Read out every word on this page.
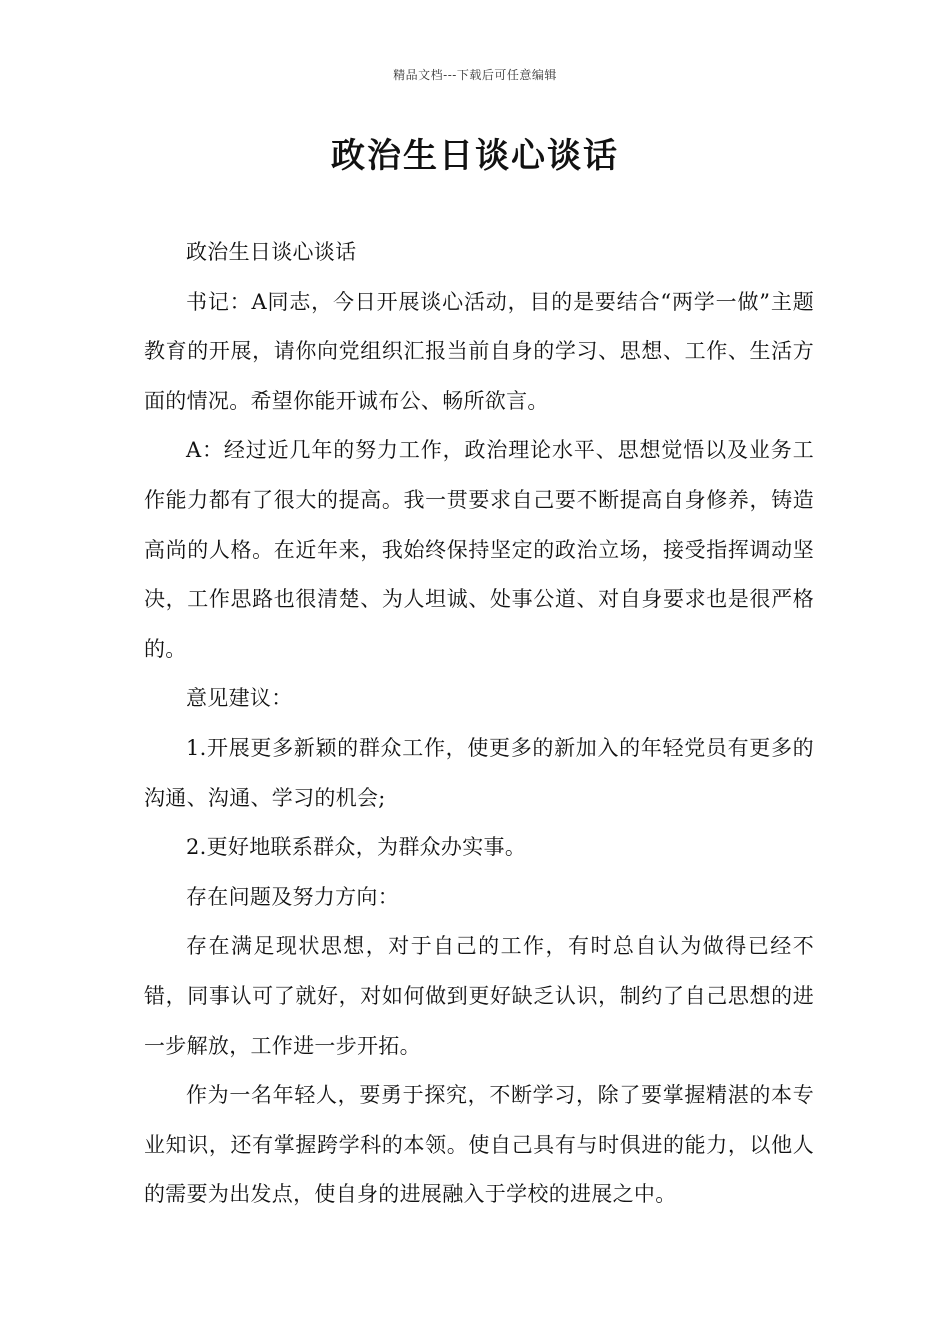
精品文档---下载后可任意编辑
政治生日谈心谈话

政治生日谈心谈话

书记：A同志，今日开展谈心活动，目的是要结合“两学一做”主题教育的开展，请你向党组织汇报当前自身的学习、思想、工作、生活方面的情况。希望你能开诚布公、畅所欲言。

A：经过近几年的努力工作，政治理论水平、思想觉悟以及业务工作能力都有了很大的提高。我一贯要求自己要不断提高自身修养，铸造高尚的人格。在近年来，我始终保持坚定的政治立场，接受指挥调动坚决，工作思路也很清楚、为人坦诚、处事公道、对自身要求也是很严格的。

意见建议：

1.开展更多新颖的群众工作，使更多的新加入的年轻党员有更多的沟通、沟通、学习的机会;

2.更好地联系群众，为群众办实事。

存在问题及努力方向：

存在满足现状思想，对于自己的工作，有时总自认为做得已经不错，同事认可了就好，对如何做到更好缺乏认识，制约了自己思想的进一步解放，工作进一步开拓。

作为一名年轻人，要勇于探究，不断学习，除了要掌握精湛的本专业知识，还有掌握跨学科的本领。使自己具有与时俱进的能力，以他人的需要为出发点，使自身的进展融入于学校的进展之中。
